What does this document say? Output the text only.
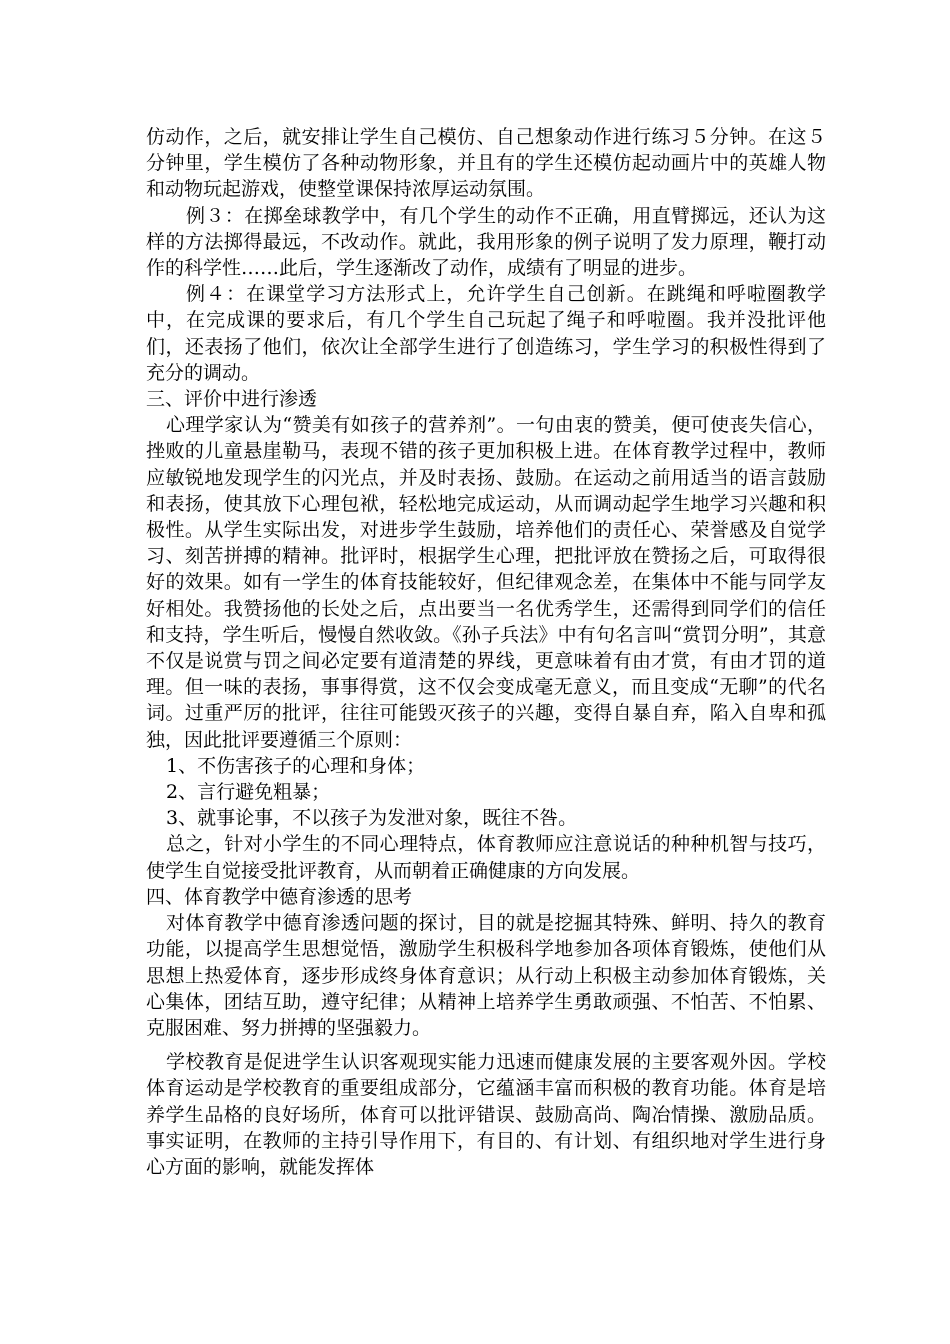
仿动作，之后，就安排让学生自己模仿、自己想象动作进行练习５分钟。在这５分钟里，学生模仿了各种动物形象，并且有的学生还模仿起动画片中的英雄人物和动物玩起游戏，使整堂课保持浓厚运动氛围。

例３：在掷垒球教学中，有几个学生的动作不正确，用直臂掷远，还认为这样的方法掷得最远，不改动作。就此，我用形象的例子说明了发力原理，鞭打动作的科学性……此后，学生逐渐改了动作，成绩有了明显的进步。

例４：在课堂学习方法形式上，允许学生自己创新。在跳绳和呼啦圈教学中，在完成课的要求后，有几个学生自己玩起了绳子和呼啦圈。我并没批评他们，还表扬了他们，依次让全部学生进行了创造练习，学生学习的积极性得到了充分的调动。

三、评价中进行渗透

心理学家认为“赞美有如孩子的营养剂”。一句由衷的赞美，便可使丧失信心，挫败的儿童悬崖勒马，表现不错的孩子更加积极上进。在体育教学过程中，教师应敏锐地发现学生的闪光点，并及时表扬、鼓励。在运动之前用适当的语言鼓励和表扬，使其放下心理包袱，轻松地完成运动，从而调动起学生地学习兴趣和积极性。从学生实际出发，对进步学生鼓励，培养他们的责任心、荣誉感及自觉学习、刻苦拼搏的精神。批评时，根据学生心理，把批评放在赞扬之后，可取得很好的效果。如有一学生的体育技能较好，但纪律观念差，在集体中不能与同学友好相处。我赞扬他的长处之后，点出要当一名优秀学生，还需得到同学们的信任和支持，学生听后，慢慢自然收敛。《孙子兵法》中有句名言叫“赏罚分明”，其意不仅是说赏与罚之间必定要有道清楚的界线，更意味着有由才赏，有由才罚的道理。但一味的表扬，事事得赏，这不仅会变成毫无意义，而且变成“无聊”的代名词。过重严厉的批评，往往可能毁灭孩子的兴趣，变得自暴自弃，陷入自卑和孤独，因此批评要遵循三个原则：

1、不伤害孩子的心理和身体；

2、言行避免粗暴；

3、就事论事，不以孩子为发泄对象，既往不咎。

总之，针对小学生的不同心理特点，体育教师应注意说话的种种机智与技巧，使学生自觉接受批评教育，从而朝着正确健康的方向发展。

四、体育教学中德育渗透的思考

对体育教学中德育渗透问题的探讨，目的就是挖掘其特殊、鲜明、持久的教育功能，以提高学生思想觉悟，激励学生积极科学地参加各项体育锻炼，使他们从思想上热爱体育，逐步形成终身体育意识；从行动上积极主动参加体育锻炼，关心集体，团结互助，遵守纪律；从精神上培养学生勇敢顽强、不怕苦、不怕累、克服困难、努力拼搏的坚强毅力。

学校教育是促进学生认识客观现实能力迅速而健康发展的主要客观外因。学校体育运动是学校教育的重要组成部分，它蕴涵丰富而积极的教育功能。体育是培养学生品格的良好场所，体育可以批评错误、鼓励高尚、陶冶情操、激励品质。事实证明，在教师的主持引导作用下，有目的、有计划、有组织地对学生进行身心方面的影响，就能发挥体
